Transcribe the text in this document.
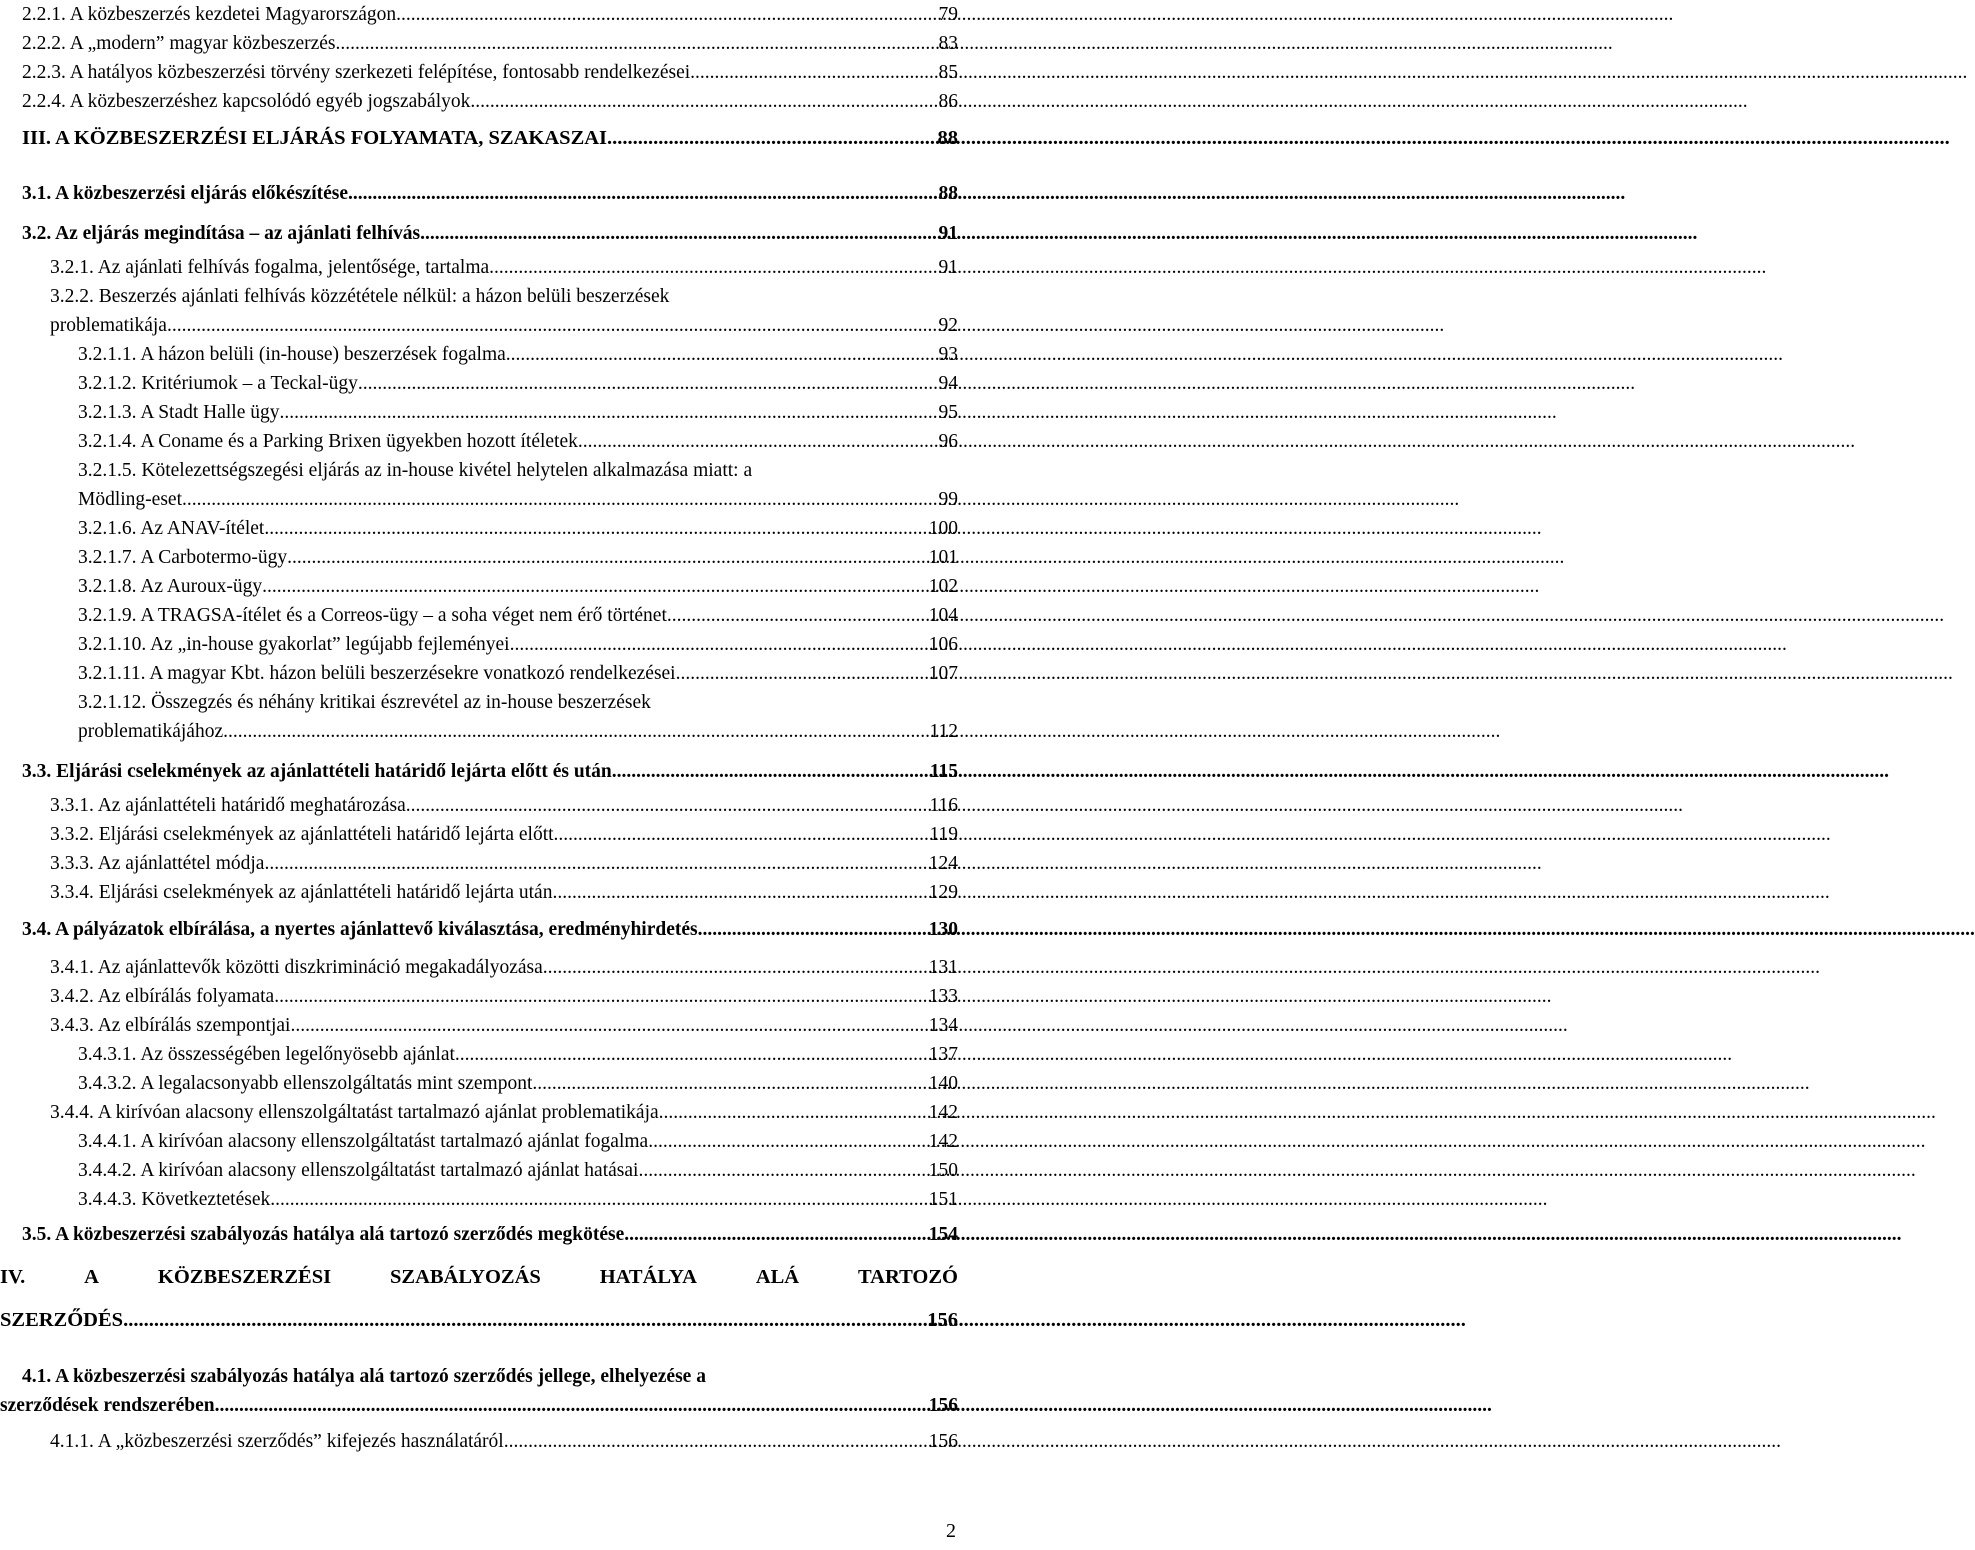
2.2.1. A közbeszerzés kezdetei Magyarországon .....	79
2.2.2. A „modern” magyar közbeszerzés .....	83
2.2.3. A hatályos közbeszerzési törvény szerkezeti felépítése, fontosabb rendelkezései .....	85
2.2.4. A közbeszerzéshez kapcsolódó egyéb jogszabályok .....	86
III. A KÖZBESZERZÉSI ELJÁRÁS FOLYAMATA, SZAKASZAI .....	88
3.1. A közbeszerzési eljárás előkészítése .....	88
3.2. Az eljárás megindítása – az ajánlati felhívás .....	91
3.2.1. Az ajánlati felhívás fogalma, jelentősége, tartalma .....	91
3.2.2. Beszerzés ajánlati felhívás közzététele nélkül: a házon belüli beszerzések
problematikája .....	92
3.2.1.1. A házon belüli (in-house) beszerzések fogalma .....	93
3.2.1.2. Kritériumok – a Teckal-ügy .....	94
3.2.1.3. A Stadt Halle ügy .....	95
3.2.1.4. A Coname és a Parking Brixen ügyekben hozott ítéletek .....	96
3.2.1.5. Kötelezettségszegési eljárás az in-house kivétel helytelen alkalmazása miatt: a
Mödling-eset .....	99
3.2.1.6. Az ANAV-ítélet .....	100
3.2.1.7. A Carbotermo-ügy .....	101
3.2.1.8. Az Auroux-ügy .....	102
3.2.1.9. A TRAGSA-ítélet és a Correos-ügy – a soha véget nem érő történet .....	104
3.2.1.10. Az „in-house gyakorlat” legújabb fejleményei .....	106
3.2.1.11. A magyar Kbt. házon belüli beszerzésekre vonatkozó rendelkezései .....	107
3.2.1.12. Összegzés és néhány kritikai észrevétel az in-house beszerzések
problematikájához .....	112
3.3. Eljárási cselekmények az ajánlattételi határidő lejárta előtt és után .....	115
3.3.1. Az ajánlattételi határidő meghatározása .....	116
3.3.2. Eljárási cselekmények az ajánlattételi határidő lejárta előtt .....	119
3.3.3. Az ajánlattétel módja .....	124
3.3.4. Eljárási cselekmények az ajánlattételi határidő lejárta után .....	129
3.4. A pályázatok elbírálása, a nyertes ajánlattevő kiválasztása, eredményhirdetés .....	130
3.4.1. Az ajánlattevők közötti diszkrimináció megakadályozása .....	131
3.4.2. Az elbírálás folyamata .....	133
3.4.3. Az elbírálás szempontjai .....	134
3.4.3.1. Az összességében legelőnyösebb ajánlat .....	137
3.4.3.2. A legalacsonyabb ellenszolgáltatás mint szempont .....	140
3.4.4. A kirívóan alacsony ellenszolgáltatást tartalmazó ajánlat problematikája .....	142
3.4.4.1. A kirívóan alacsony ellenszolgáltatást tartalmazó ajánlat fogalma .....	142
3.4.4.2. A kirívóan alacsony ellenszolgáltatást tartalmazó ajánlat hatásai .....	150
3.4.4.3. Következtetések .....	151
3.5. A közbeszerzési szabályozás hatálya alá tartozó szerződés megkötése .....	154
IV.	A	KÖZBESZERZÉSI	SZABÁLYOZÁS	HATÁLYA	ALÁ	TARTOZÓ
SZERZŐDÉS .....	156
4.1. A közbeszerzési szabályozás hatálya alá tartozó szerződés jellege, elhelyezése a
szerződések rendszerében .....	156
4.1.1. A „közbeszerzési szerződés” kifejezés használatáról .....	156
2
